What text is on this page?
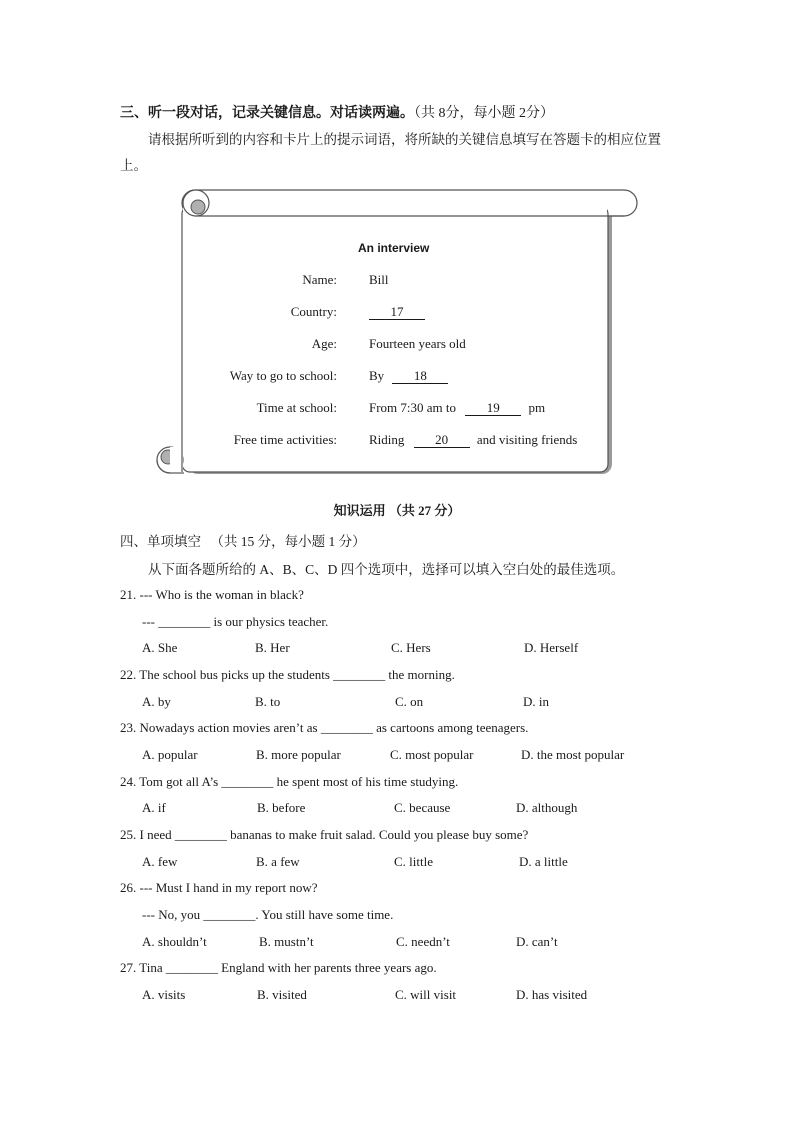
三、听一段对话，记录关键信息。对话读两遍。（共 8分，每小题 2分）
请根据所听到的内容和卡片上的提示词语，将所缺的关键信息填写在答题卡的相应位置
上。
An interview
Name: Bill
Country:	17
Age: Fourteen years old
Way to go to school: By 18
Time at school: From 7:30 am to 19 pm
Free time activities: Riding 20 and visiting friends
知识运用 （共 27 分）
四、单项填空 （共 15 分，每小题 1 分）
从下面各题所给的 A、B、C、D 四个选项中，选择可以填入空白处的最佳选项。
21. --- Who is the woman in black?
--- ________ is our physics teacher.
A. She	B. Her	C. Hers	D. Herself
22. The school bus picks up the students ________ the morning.
A. by	B. to	C. on	D. in
23. Nowadays action movies aren’t as ________ as cartoons among teenagers.
A. popular	B. more popular	C. most popular	D. the most popular
24. Tom got all A’s ________ he spent most of his time studying.
A. if	B. before	C. because	D. although
25. I need ________ bananas to make fruit salad. Could you please buy some?
A. few	B. a few	C. little	D. a little
26. --- Must I hand in my report now?
--- No, you ________. You still have some time.
A. shouldn’t	B. mustn’t	C. needn’t	D. can’t
27. Tina ________ England with her parents three years ago.
A. visits	B. visited	C. will visit	D. has visited
